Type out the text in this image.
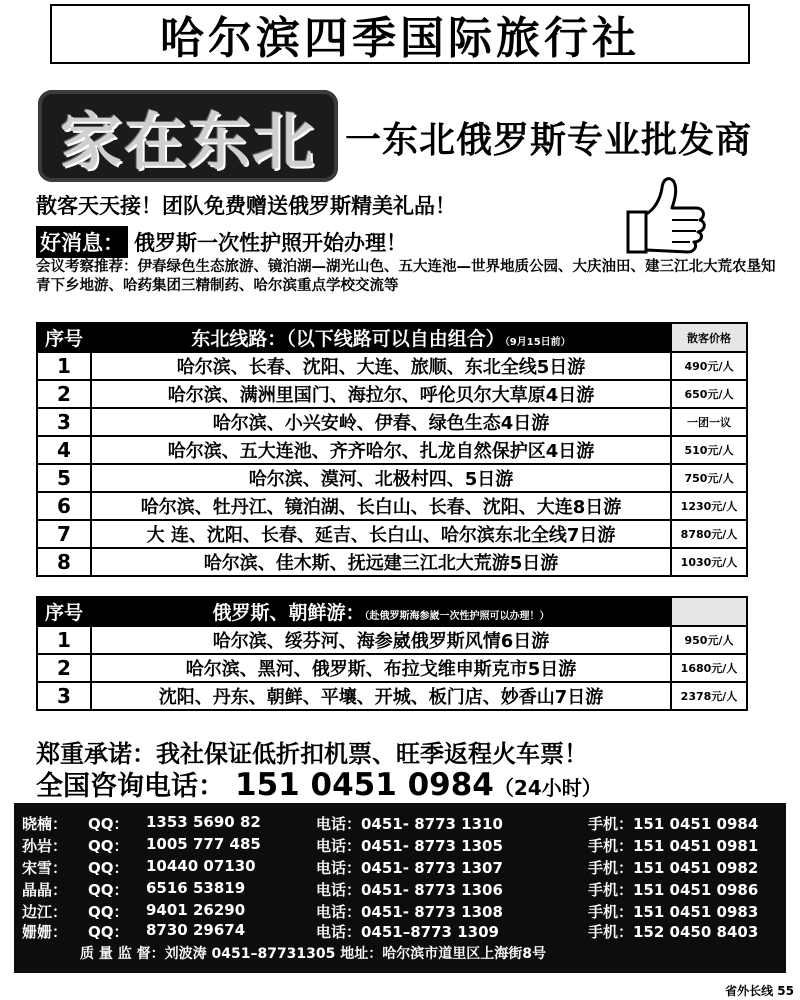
哈尔滨四季国际旅行社
家在东北 一东北俄罗斯专业批发商
散客天天接！团队免费赠送俄罗斯精美礼品！
好消息： 俄罗斯一次性护照开始办理！
会议考察推荐：伊春绿色生态旅游、镜泊湖—湖光山色、五大连池—世界地质公园、大庆油田、建三江北大荒农垦知青下乡地游、哈药集团三精制药、哈尔滨重点学校交流等
序号	东北线路：（以下线路可以自由组合）（9月15日前）	散客价格
1	哈尔滨、长春、沈阳、大连、旅顺、东北全线5日游	490元/人
2	哈尔滨、满洲里国门、海拉尔、呼伦贝尔大草原4日游	650元/人
3	哈尔滨、小兴安岭、伊春、绿色生态4日游	一团一议
4	哈尔滨、五大连池、齐齐哈尔、扎龙自然保护区4日游	510元/人
5	哈尔滨、漠河、北极村四、5日游	750元/人
6	哈尔滨、牡丹江、镜泊湖、长白山、长春、沈阳、大连8日游	1230元/人
7	大 连、沈阳、长春、延吉、长白山、哈尔滨东北全线7日游	8780元/人
8	哈尔滨、佳木斯、抚远建三江北大荒游5日游	1030元/人
序号	俄罗斯、朝鲜游：（赴俄罗斯海参崴一次性护照可以办理！）	
1	哈尔滨、绥芬河、海参崴俄罗斯风情6日游	950元/人
2	哈尔滨、黑河、俄罗斯、布拉戈维申斯克市5日游	1680元/人
3	沈阳、丹东、朝鲜、平壤、开城、板门店、妙香山7日游	2378元/人
郑重承诺：我社保证低折扣机票、旺季返程火车票！
全国咨询电话： 151 0451 0984（24小时）
晓楠： QQ： 1353 5690 82	电话：0451- 8773 1310	手机：151 0451 0984
孙岩： QQ： 1005 777 485	电话：0451- 8773 1305	手机：151 0451 0981
宋雪： QQ： 10440 07130	电话：0451- 8773 1307	手机：151 0451 0982
晶晶： QQ： 6516 53819	电话：0451- 8773 1306	手机：151 0451 0986
边江： QQ： 9401 26290	电话：0451- 8773 1308	手机：151 0451 0983
姗姗： QQ： 8730 29674	电话：0451–8773 1309	手机：152 0450 8403
质 量 监 督：刘波涛 0451–87731305 地址：哈尔滨市道里区上海街8号
省外长线 55
